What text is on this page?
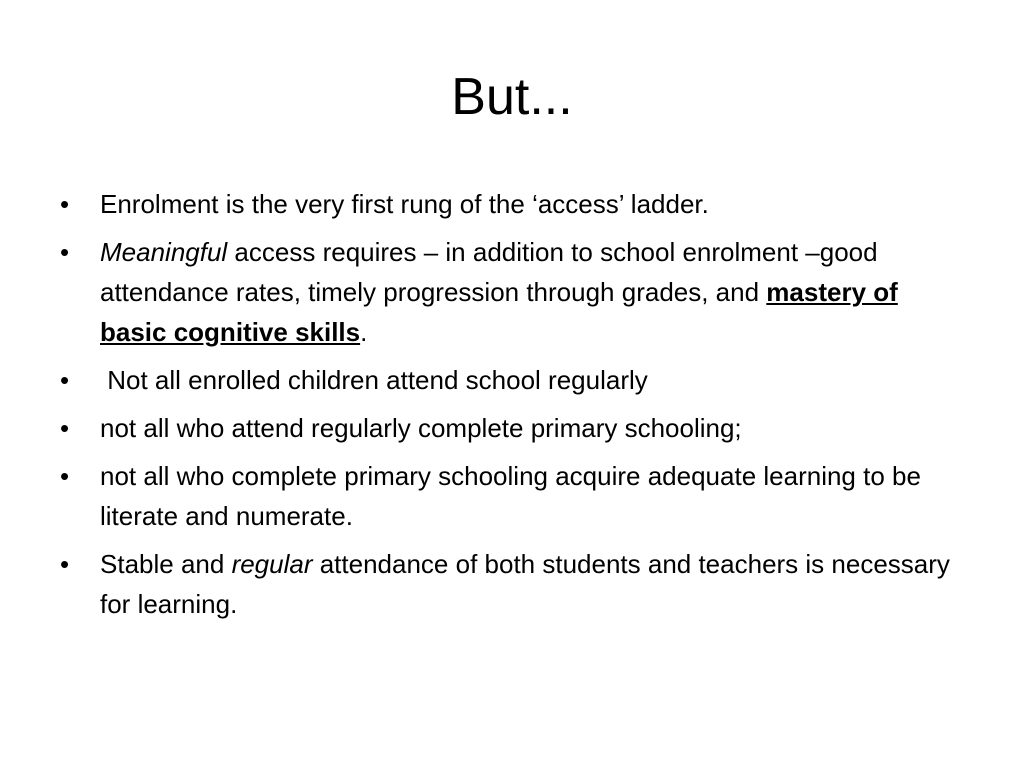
But...
•	Enrolment is the very first rung of the ‘access’ ladder.
•	Meaningful access requires – in addition to school enrolment –good attendance rates, timely progression through grades, and mastery of basic cognitive skills.
•	Not all enrolled children attend school regularly
•	not all who attend regularly complete primary schooling;
•	not all who complete primary schooling acquire adequate learning to be literate and numerate.
•	Stable and regular attendance of both students and teachers is necessary for learning.
